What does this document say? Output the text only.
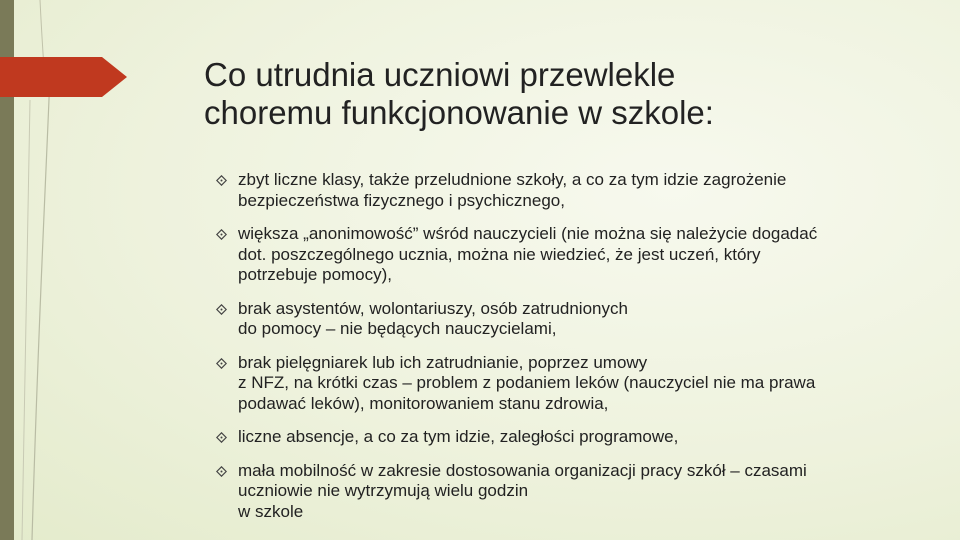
Co utrudnia uczniowi przewlekle
choremu funkcjonowanie w szkole:
zbyt liczne klasy, także przeludnione szkoły, a co za tym idzie zagrożenie
bezpieczeństwa fizycznego i psychicznego,
większa „anonimowość” wśród nauczycieli (nie można się należycie dogadać
dot. poszczególnego ucznia, można nie wiedzieć, że jest uczeń, który
potrzebuje pomocy),
brak asystentów, wolontariuszy, osób zatrudnionych
do pomocy – nie będących nauczycielami,
brak pielęgniarek lub ich zatrudnianie, poprzez umowy
z NFZ, na krótki czas – problem z podaniem leków (nauczyciel nie ma prawa
podawać leków), monitorowaniem stanu zdrowia,
liczne absencje, a co za tym idzie, zaległości programowe,
mała mobilność w zakresie dostosowania organizacji pracy szkół – czasami
uczniowie nie wytrzymują wielu godzin
w szkole
